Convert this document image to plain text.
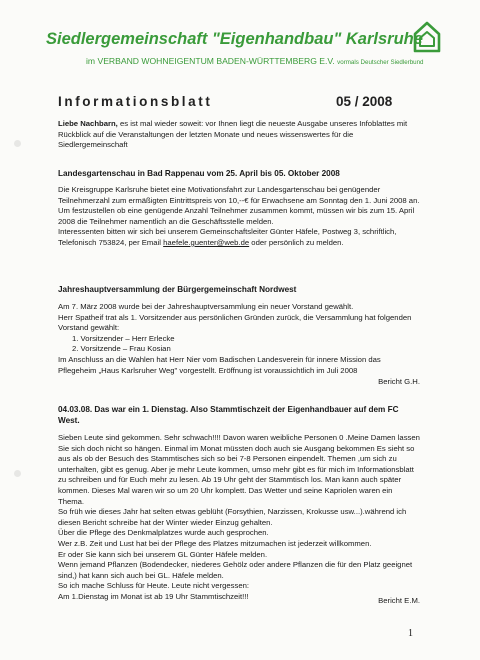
Siedlergemeinschaft "Eigenhandbau" Karlsruhe
im VERBAND WOHNEIGENTUM BADEN-WÜRTTEMBERG E.V. vormals Deutscher Siedlerbund
Informationsblatt	05 / 2008
Liebe Nachbarn, es ist mal wieder soweit: vor Ihnen liegt die neueste Ausgabe unseres Infoblattes mit Rückblick auf die Veranstaltungen der letzten Monate und neues wissenswertes für die Siedlergemeinschaft
Landesgartenschau in Bad Rappenau vom 25. April bis 05. Oktober 2008
Die Kreisgruppe Karlsruhe bietet eine Motivationsfahrt zur Landesgartenschau bei genügender Teilnehmerzahl zum ermäßigten Eintrittspreis von 10,--€ für Erwachsene am Sonntag den 1. Juni 2008 an.
Um festzustellen ob eine genügende Anzahl Teilnehmer zusammen kommt, müssen wir bis zum 15. April 2008 die Teilnehmer namentlich an die Geschäftsstelle melden.
Interessenten bitten wir sich bei unserem Gemeinschaftsleiter Günter Häfele, Postweg 3, schriftlich, Telefonisch 753824, per Email haefele.guenter@web.de oder persönlich zu melden.
Jahreshauptversammlung der Bürgergemeinschaft Nordwest
Am 7. März 2008 wurde bei der Jahreshauptversammlung ein neuer Vorstand gewählt.
Herr Spatheif trat als 1. Vorsitzender aus persönlichen Gründen zurück, die Versammlung hat folgenden Vorstand gewählt:
1. Vorsitzender – Herr Erlecke
2. Vorsitzende – Frau Kosian
Im Anschluss an die Wahlen hat Herr Nier vom Badischen Landesverein für innere Mission das Pflegeheim „Haus Karlsruher Weg" vorgestellt. Eröffnung ist voraussichtlich im Juli 2008
Bericht G.H.
04.03.08. Das war ein 1. Dienstag. Also Stammtischzeit der Eigenhandbauer auf dem FC West.
Sieben Leute sind gekommen. Sehr schwach!!!! Davon waren weibliche Personen 0 .Meine Damen lassen Sie sich doch nicht so hängen. Einmal im Monat müssten doch auch sie Ausgang bekommen Es sieht so aus als ob der Besuch des Stammtisches sich so bei 7-8 Personen einpendelt. Themen ,um sich zu unterhalten, gibt es genug. Aber je mehr Leute kommen, umso mehr gibt es für mich im Informationsblatt zu schreiben und für Euch mehr zu lesen. Ab 19 Uhr geht der Stammtisch los. Man kann auch später kommen. Dieses Mal waren wir so um 20 Uhr komplett. Das Wetter und seine Kapriolen waren ein Thema.
So früh wie dieses Jahr hat selten etwas geblüht (Forsythien, Narzissen, Krokusse usw...).während ich diesen Bericht schreibe hat der Winter wieder Einzug gehalten.
Über die Pflege des Denkmalplatzes wurde auch gesprochen.
Wer z.B. Zeit und Lust hat bei der Pflege des Platzes mitzumachen ist jederzeit willkommen.
Er oder Sie kann sich bei unserem GL Günter Häfele melden.
Wenn jemand Pflanzen (Bodendecker, niederes Gehölz oder andere Pflanzen die für den Platz geeignet sind,) hat kann sich auch bei GL. Häfele melden.
So ich mache Schluss für Heute. Leute nicht vergessen:
Am 1.Dienstag im Monat ist ab 19 Uhr Stammtischzeit!!!	Bericht E.M.
1
